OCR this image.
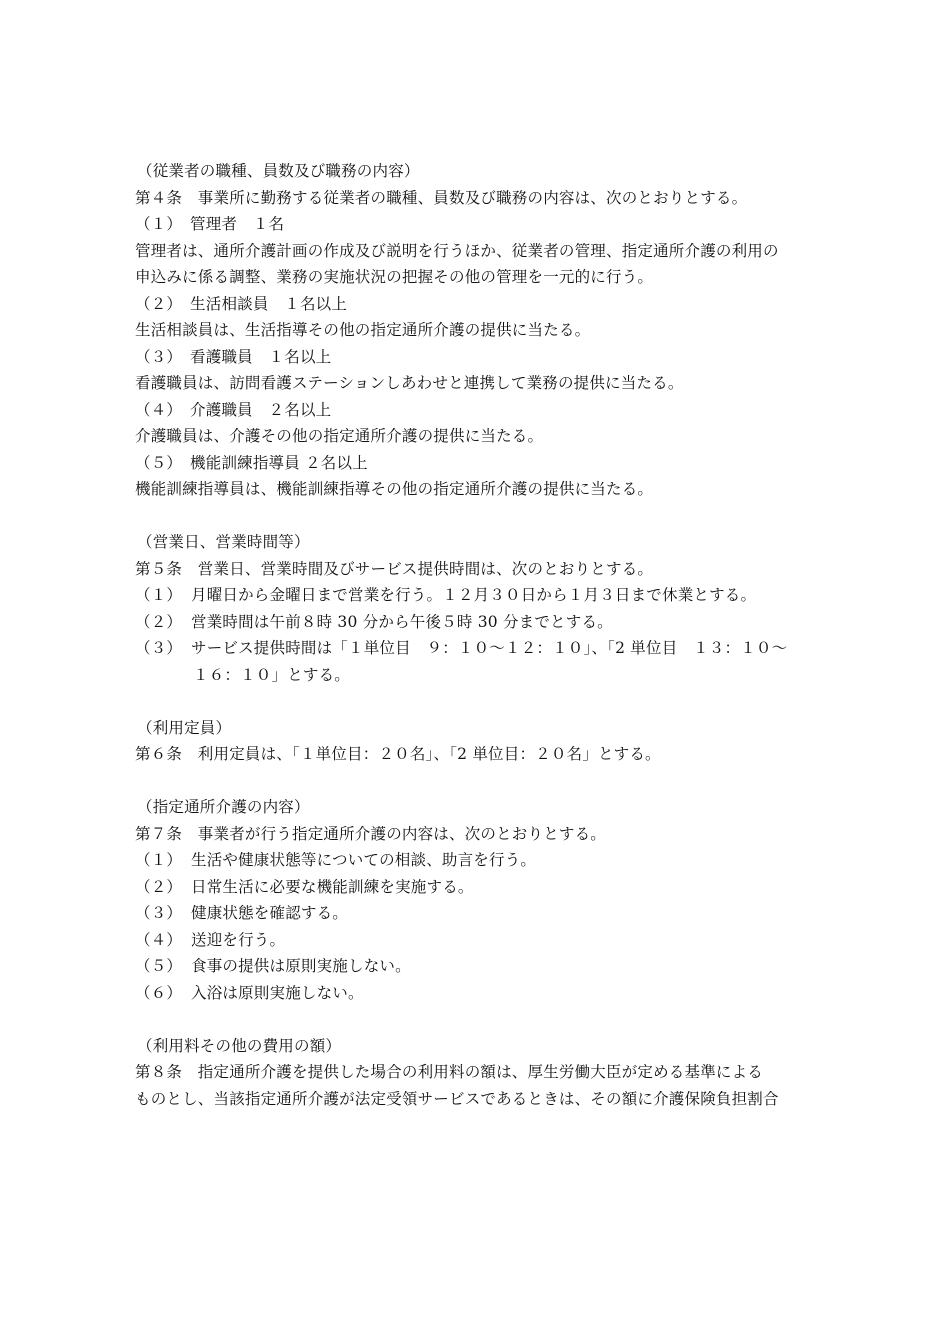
（従業者の職種、員数及び職務の内容）
第４条　事業所に勤務する従業者の職種、員数及び職務の内容は、次のとおりとする。
（１）　管理者　１名
管理者は、通所介護計画の作成及び説明を行うほか、従業者の管理、指定通所介護の利用の
申込みに係る調整、業務の実施状況の把握その他の管理を一元的に行う。
（２）　生活相談員　１名以上
生活相談員は、生活指導その他の指定通所介護の提供に当たる。
（３）　看護職員　１名以上
看護職員は、訪問看護ステーションしあわせと連携して業務の提供に当たる。
（４）　介護職員　２名以上
介護職員は、介護その他の指定通所介護の提供に当たる。
（５）　機能訓練指導員 ２名以上
機能訓練指導員は、機能訓練指導その他の指定通所介護の提供に当たる。
（営業日、営業時間等）
第５条　営業日、営業時間及びサービス提供時間は、次のとおりとする。
（１） 月曜日から金曜日まで営業を行う。１２月３０日から１月３日まで休業とする。
（２） 営業時間は午前８時 30 分から午後５時 30 分までとする。
（３） サービス提供時間は「１単位目　９：１０～１２：１０」、「2 単位目　１３：１０～
１６：１０」とする。
（利用定員）
第６条　利用定員は、「１単位目：２０名」、「2 単位目：２０名」とする。
（指定通所介護の内容）
第７条　事業者が行う指定通所介護の内容は、次のとおりとする。
（１） 生活や健康状態等についての相談、助言を行う。
（２） 日常生活に必要な機能訓練を実施する。
（３） 健康状態を確認する。
（４） 送迎を行う。
（５） 食事の提供は原則実施しない。
（６） 入浴は原則実施しない。
（利用料その他の費用の額）
第８条　指定通所介護を提供した場合の利用料の額は、厚生労働大臣が定める基準による
ものとし、当該指定通所介護が法定受領サービスであるときは、その額に介護保険負担割合
